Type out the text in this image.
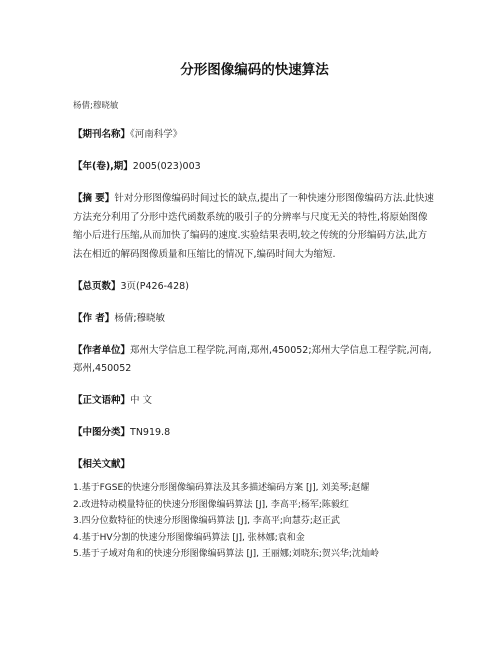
分形图像编码的快速算法
杨倩;穆晓敏
【期刊名称】《河南科学》
【年(卷),期】2005(023)003
【摘 要】针对分形图像编码时间过长的缺点,提出了一种快速分形图像编码方法.此快速方法充分利用了分形中迭代函数系统的吸引子的分辨率与尺度无关的特性,将原始图像缩小后进行压缩,从而加快了编码的速度.实验结果表明,较之传统的分形编码方法,此方法在相近的解码图像质量和压缩比的情况下,编码时间大为缩短.
【总页数】3页(P426-428)
【作 者】杨倩;穆晓敏
【作者单位】郑州大学信息工程学院,河南,郑州,450052;郑州大学信息工程学院,河南,郑州,450052
【正文语种】中 文
【中图分类】TN919.8
【相关文献】
1.基于FGSE的快速分形图像编码算法及其多描述编码方案 [J], 刘美琴;赵耀
2.改进特动模量特征的快速分形图像编码算法 [J], 李高平;杨军;陈毅红
3.四分位数特征的快速分形图像编码算法 [J], 李高平;向慧芬;赵正武
4.基于HV分割的快速分形图像编码算法 [J], 张林娜;袁和金
5.基于子域对角和的快速分形图像编码算法 [J], 王丽娜;刘晓东;贺兴华;沈灿岭
